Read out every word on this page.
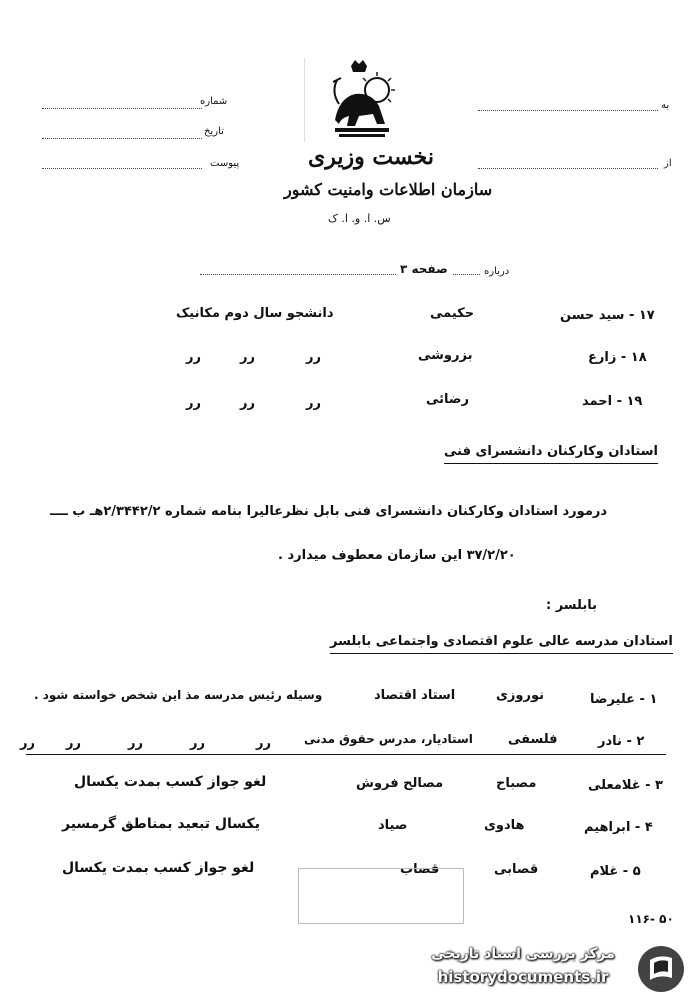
شماره
تاريخ
پيوست
به
از
نخست وزیری
سازمان اطلاعات وامنیت کشور
س. ا. و. ا. ک
درباره
صفحه ۳
۱۷ - سید حسن
حکیمی
دانشجو سال دوم مکانیک
۱۸ - زارع
بزروشی
رر
رر
رر
۱۹ - احمد
رضائی
رر
رر
رر
استادان وکارکنان دانشسرای فنی
درمورد استادان وکارکنان دانشسرای فنی بابل نظرعالیرا بنامه شماره ۲/۳۴۴۲/۲هـ ب ــــ
۳۷/۲/۲۰ این سازمان معطوف میدارد .
بابلسر :
استادان مدرسه عالی علوم اقتصادی واجتماعی بابلسر
۱ - علیرضا
نوروزی
استاد اقتصاد
وسیله رئیس مدرسه مذ این شخص خواسته شود .
۲ - نادر
فلسفی
استادیار، مدرس حقوق مدنی
رر
رر
رر
رر
رر
۳ - غلامعلی
مصباح
مصالح فروش
لغو جواز کسب بمدت یکسال
۴ - ابراهیم
هادوی
صیاد
یکسال تبعید بمناطق گرمسیر
۵ - غلام
قصابی
قصاب
لغو جواز کسب بمدت یکسال
۱۱۶- ۵۰
مرکز بررسی اسناد تاریخی
historydocuments.ir
